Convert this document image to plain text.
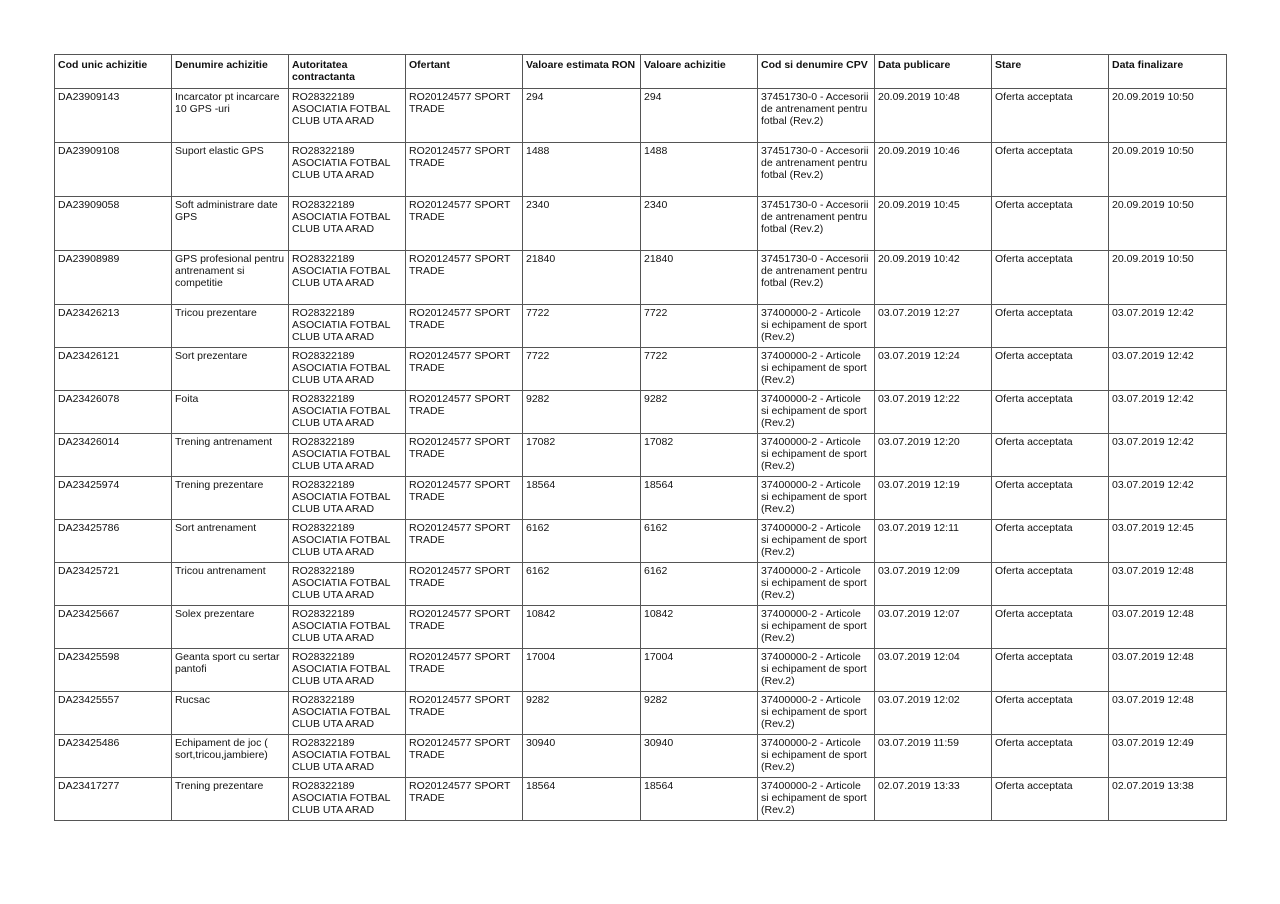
Cod unic achizitie	Denumire achizitie	Autoritatea contractanta	Ofertant	Valoare estimata RON	Valoare achizitie	Cod si denumire CPV	Data publicare	Stare	Data finalizare
DA23909143	Incarcator pt incarcare 10 GPS -uri	RO28322189 ASOCIATIA FOTBAL CLUB UTA ARAD	RO20124577 SPORT TRADE	294	294	37451730-0 - Accesorii de antrenament pentru fotbal (Rev.2)	20.09.2019 10:48	Oferta acceptata	20.09.2019 10:50
DA23909108	Suport elastic GPS	RO28322189 ASOCIATIA FOTBAL CLUB UTA ARAD	RO20124577 SPORT TRADE	1488	1488	37451730-0 - Accesorii de antrenament pentru fotbal (Rev.2)	20.09.2019 10:46	Oferta acceptata	20.09.2019 10:50
DA23909058	Soft administrare date GPS	RO28322189 ASOCIATIA FOTBAL CLUB UTA ARAD	RO20124577 SPORT TRADE	2340	2340	37451730-0 - Accesorii de antrenament pentru fotbal (Rev.2)	20.09.2019 10:45	Oferta acceptata	20.09.2019 10:50
DA23908989	GPS profesional pentru antrenament si competitie	RO28322189 ASOCIATIA FOTBAL CLUB UTA ARAD	RO20124577 SPORT TRADE	21840	21840	37451730-0 - Accesorii de antrenament pentru fotbal (Rev.2)	20.09.2019 10:42	Oferta acceptata	20.09.2019 10:50
DA23426213	Tricou prezentare	RO28322189 ASOCIATIA FOTBAL CLUB UTA ARAD	RO20124577 SPORT TRADE	7722	7722	37400000-2 - Articole si echipament de sport (Rev.2)	03.07.2019 12:27	Oferta acceptata	03.07.2019 12:42
DA23426121	Sort prezentare	RO28322189 ASOCIATIA FOTBAL CLUB UTA ARAD	RO20124577 SPORT TRADE	7722	7722	37400000-2 - Articole si echipament de sport (Rev.2)	03.07.2019 12:24	Oferta acceptata	03.07.2019 12:42
DA23426078	Foita	RO28322189 ASOCIATIA FOTBAL CLUB UTA ARAD	RO20124577 SPORT TRADE	9282	9282	37400000-2 - Articole si echipament de sport (Rev.2)	03.07.2019 12:22	Oferta acceptata	03.07.2019 12:42
DA23426014	Trening antrenament	RO28322189 ASOCIATIA FOTBAL CLUB UTA ARAD	RO20124577 SPORT TRADE	17082	17082	37400000-2 - Articole si echipament de sport (Rev.2)	03.07.2019 12:20	Oferta acceptata	03.07.2019 12:42
DA23425974	Trening prezentare	RO28322189 ASOCIATIA FOTBAL CLUB UTA ARAD	RO20124577 SPORT TRADE	18564	18564	37400000-2 - Articole si echipament de sport (Rev.2)	03.07.2019 12:19	Oferta acceptata	03.07.2019 12:42
DA23425786	Sort antrenament	RO28322189 ASOCIATIA FOTBAL CLUB UTA ARAD	RO20124577 SPORT TRADE	6162	6162	37400000-2 - Articole si echipament de sport (Rev.2)	03.07.2019 12:11	Oferta acceptata	03.07.2019 12:45
DA23425721	Tricou antrenament	RO28322189 ASOCIATIA FOTBAL CLUB UTA ARAD	RO20124577 SPORT TRADE	6162	6162	37400000-2 - Articole si echipament de sport (Rev.2)	03.07.2019 12:09	Oferta acceptata	03.07.2019 12:48
DA23425667	Solex prezentare	RO28322189 ASOCIATIA FOTBAL CLUB UTA ARAD	RO20124577 SPORT TRADE	10842	10842	37400000-2 - Articole si echipament de sport (Rev.2)	03.07.2019 12:07	Oferta acceptata	03.07.2019 12:48
DA23425598	Geanta sport cu sertar pantofi	RO28322189 ASOCIATIA FOTBAL CLUB UTA ARAD	RO20124577 SPORT TRADE	17004	17004	37400000-2 - Articole si echipament de sport (Rev.2)	03.07.2019 12:04	Oferta acceptata	03.07.2019 12:48
DA23425557	Rucsac	RO28322189 ASOCIATIA FOTBAL CLUB UTA ARAD	RO20124577 SPORT TRADE	9282	9282	37400000-2 - Articole si echipament de sport (Rev.2)	03.07.2019 12:02	Oferta acceptata	03.07.2019 12:48
DA23425486	Echipament de joc ( sort,tricou,jambiere)	RO28322189 ASOCIATIA FOTBAL CLUB UTA ARAD	RO20124577 SPORT TRADE	30940	30940	37400000-2 - Articole si echipament de sport (Rev.2)	03.07.2019 11:59	Oferta acceptata	03.07.2019 12:49
DA23417277	Trening prezentare	RO28322189 ASOCIATIA FOTBAL CLUB UTA ARAD	RO20124577 SPORT TRADE	18564	18564	37400000-2 - Articole si echipament de sport (Rev.2)	02.07.2019 13:33	Oferta acceptata	02.07.2019 13:38
